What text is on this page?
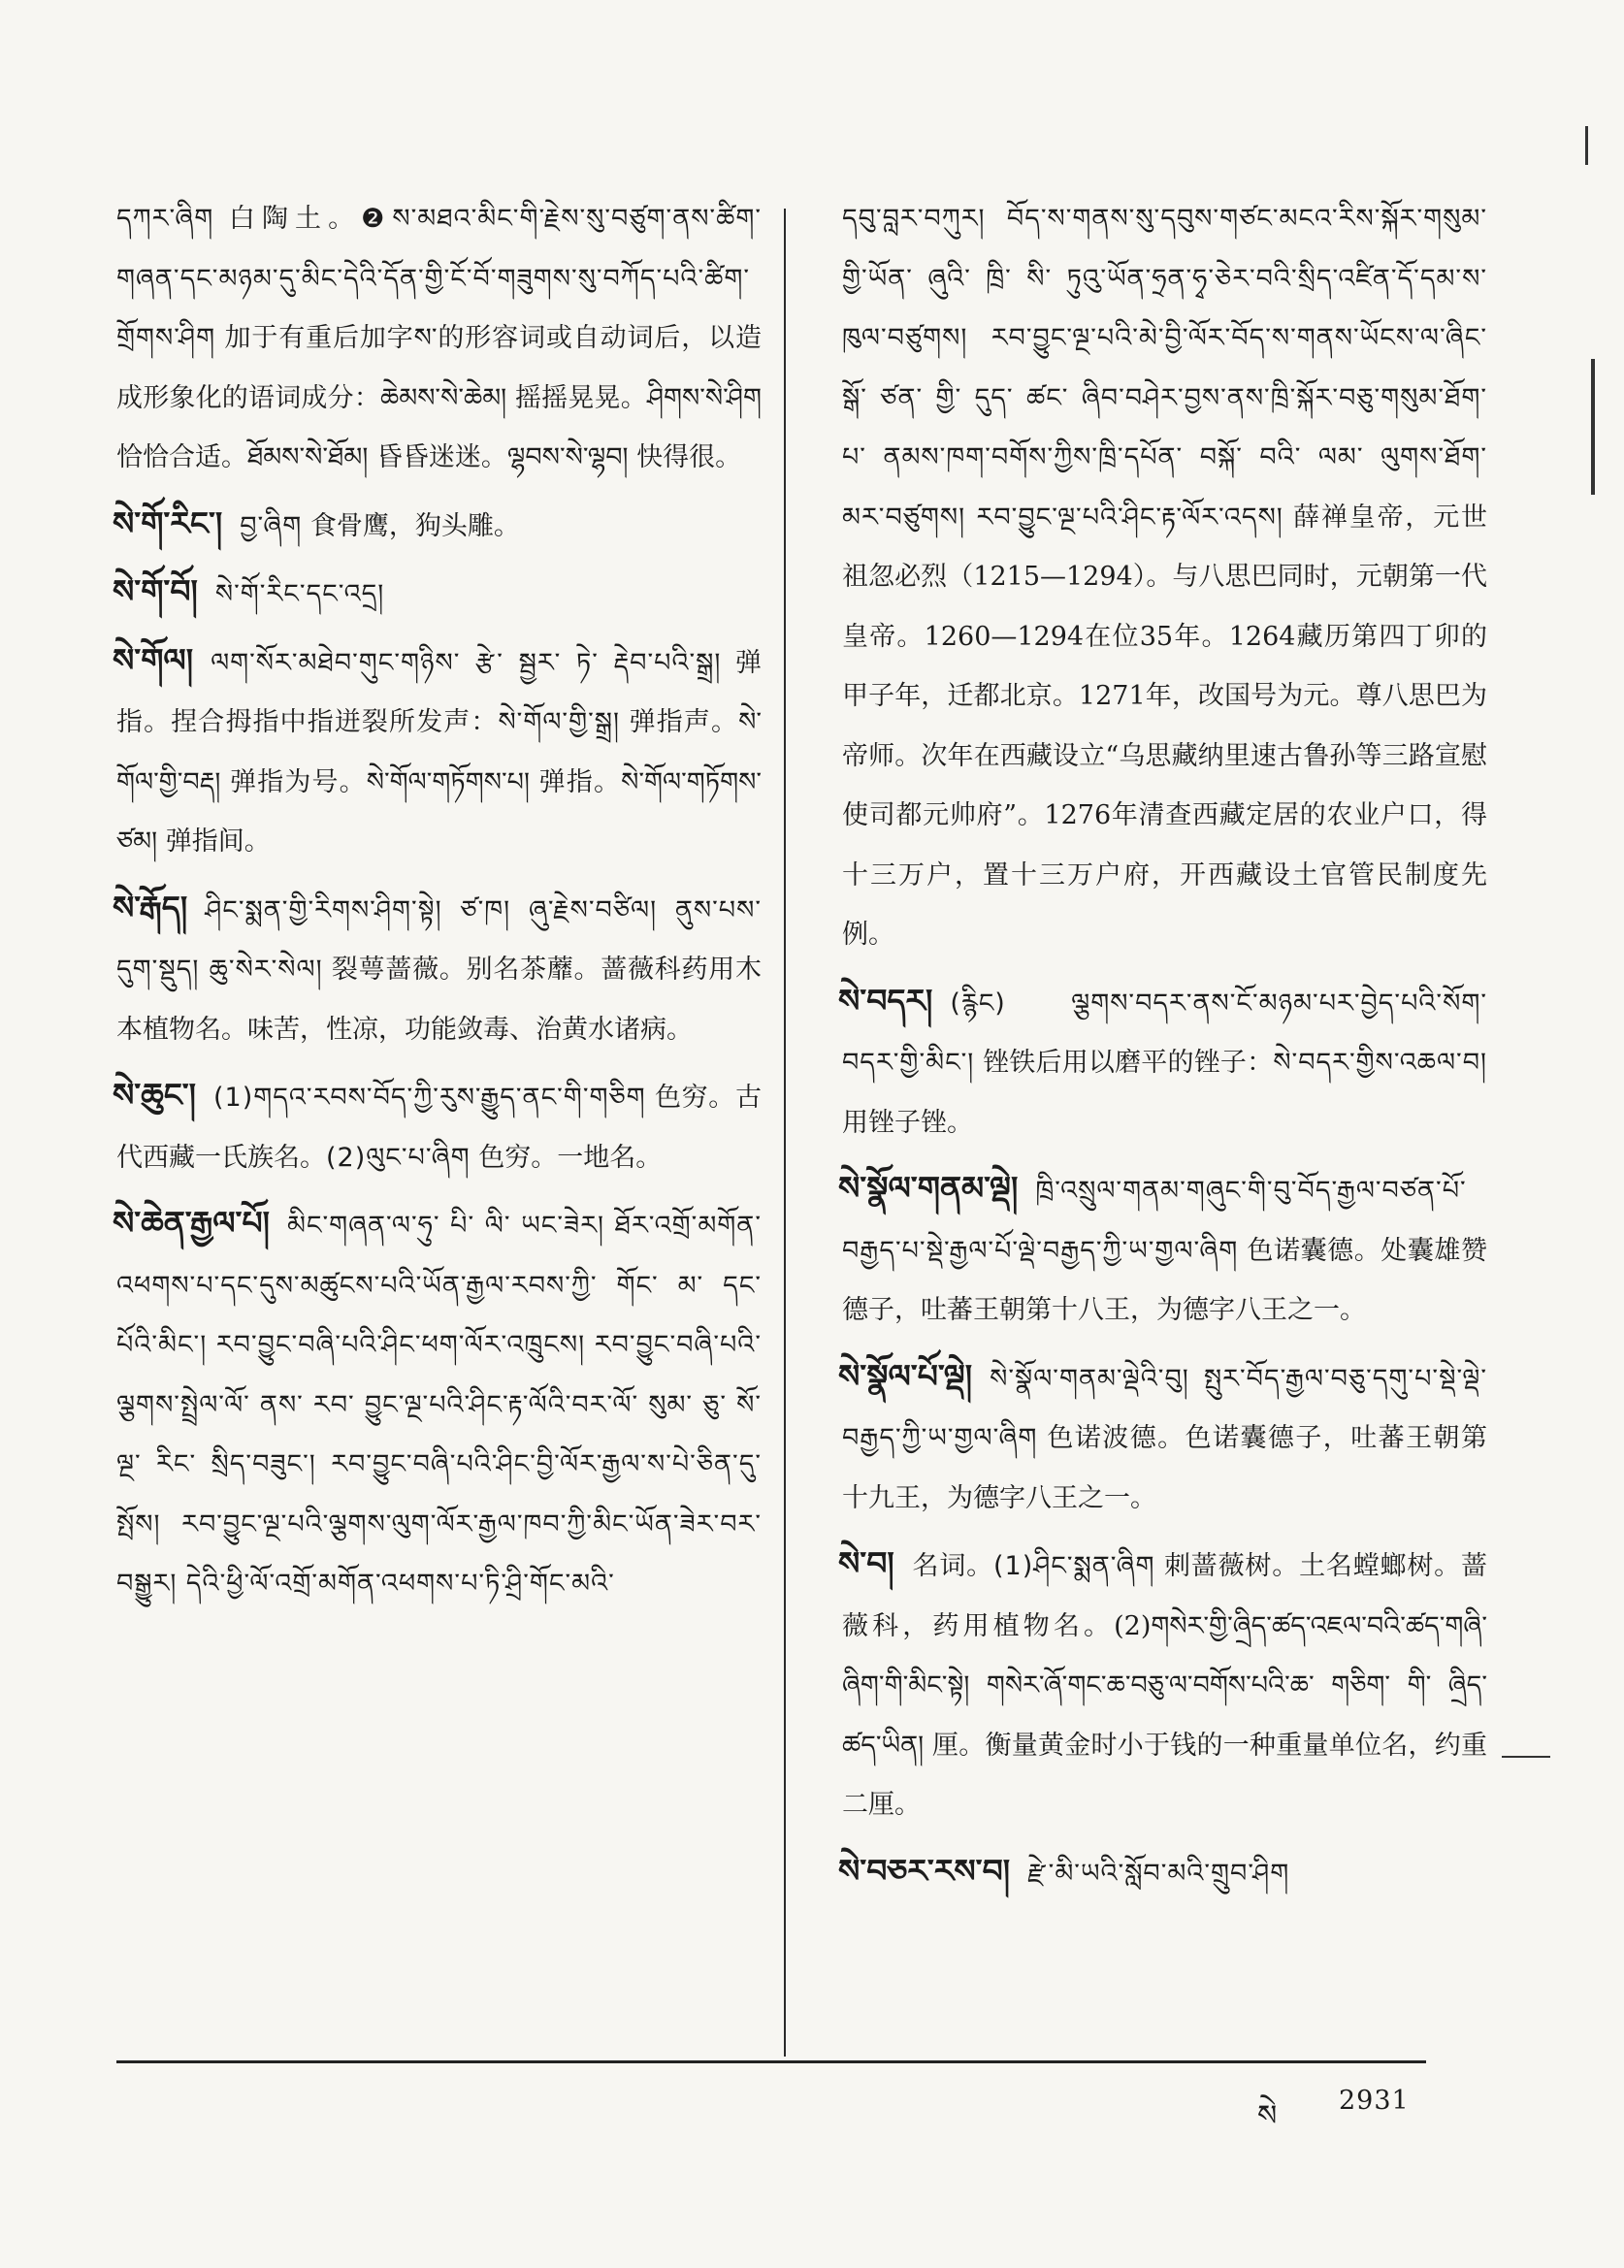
དཀར་ཞིག 白陶土。❷ས་མཐའ་མིང་གི་རྗེས་སུ་བཙུག་ནས་ཚིག་གཞན་དང་མཉམ་དུ་མིང་དེའི་དོན་གྱི་ངོ་བོ་གཟུགས་སུ་བཀོད་པའི་ཚིག་གྲོགས་ཤིག 加于有重后加字ས་的形容词或自动词后，以造成形象化的语词成分：ཆེམས་སེ་ཆེམ། 摇摇晃晃。ཤིགས་སེ་ཤིག 恰恰合适。ཐོམས་སེ་ཐོམ། 昏昏迷迷。ལྷབས་སེ་ལྷབ། 快得很。
སེ་གོ་རིང་། བྱ་ཞིག 食骨鹰，狗头雕。
སེ་གོ་བོ། སེ་གོ་རིང་དང་འདྲ།
སེ་གོལ། ལག་སོར་མཐེབ་གུང་གཉིས་ རྩེ་ སྦྱར་ ཏེ་ རྡེབ་པའི་སྒྲ། 弹指。捏合拇指中指迸裂所发声：སེ་གོལ་གྱི་སྒྲ། 弹指声。སེ་གོལ་གྱི་བརྡ། 弹指为号。སེ་གོལ་གཏོགས་པ། 弹指。སེ་གོལ་གཏོགས་ཙམ། 弹指间。
སེ་རྒོད། ཤིང་སྨན་གྱི་རིགས་ཤིག་སྟེ། ཙ་ཁ། ཞུ་རྗེས་བཙིལ། ནུས་པས་དུག་སྡུད། ཆུ་སེར་སེལ། 裂萼蔷薇。别名茶蘼。蔷薇科药用木本植物名。味苦，性凉，功能敛毒、治黄水诸病。
སེ་ཆུང་། (1)གདའ་རབས་བོད་ཀྱི་རུས་རྒྱུད་ནང་གི་གཅིག 色穷。古代西藏一氏族名。(2)ལུང་པ་ཞིག 色穷。一地名。
སེ་ཆེན་རྒྱལ་པོ། མིང་གཞན་ལ་ཧུ་ པི་ ལི་ ཡང་ཟེར། ཐོར་འགྲོ་མགོན་འཕགས་པ་དང་དུས་མཚུངས་པའི་ཡོན་རྒྱལ་རབས་ཀྱི་ གོང་ མ་ དང་ པོའི་མིང་། རབ་བྱུང་བཞི་པའི་ཤིང་ཕག་ལོར་འཁྲུངས། རབ་བྱུང་བཞི་པའི་ལྕགས་སྤྲེལ་ལོ་ ནས་ རབ་ བྱུང་ལྔ་པའི་ཤིང་རྟ་ལོའི་བར་ལོ་ སུམ་ ཅུ་ སོ་ ལྔ་ རིང་ སྲིད་བཟུང་། རབ་བྱུང་བཞི་པའི་ཤིང་བྱི་ལོར་རྒྱལ་ས་པེ་ཅིན་དུ་སྤོས། རབ་བྱུང་ལྔ་པའི་ལྕགས་ལུག་ལོར་རྒྱལ་ཁབ་ཀྱི་མིང་ཡོན་ཟེར་བར་བསྒྱུར། དེའི་ཕྱི་ལོ་འགྲོ་མགོན་འཕགས་པ་ཏི་ཤྲི་གོང་མའི་
དབུ་བླར་བཀུར། བོད་ས་གནས་སུ་དབུས་གཙང་མངའ་རིས་སྐོར་གསུམ་གྱི་ཡོན་ ཞུའི་ ཁྲི་ སི་ ཏུའུ་ཡོན་ཧྲན་ཧྭ་ཅེར་བའི་སྲིད་འཛིན་དོ་དམ་ས་ཁུལ་བཙུགས། རབ་བྱུང་ལྔ་པའི་མེ་བྱི་ལོར་བོད་ས་གནས་ཡོངས་ལ་ཞིང་ སྒོ་ ཙན་ གྱི་ དུད་ ཚང་ ཞིབ་བཤེར་བྱས་ནས་ཁྲི་སྐོར་བཅུ་གསུམ་ཐོག་པ་ ནམས་ཁག་བགོས་ཀྱིས་ཁྲི་དཔོན་ བསྐོ་ བའི་ ལམ་ ལུགས་ཐོག་མར་བཙུགས། རབ་བྱུང་ལྔ་པའི་ཤིང་རྟ་ལོར་འདས། 薛禅皇帝，元世祖忽必烈（1215—1294）。与八思巴同时，元朝第一代皇帝。1260—1294在位35年。1264藏历第四丁卯的甲子年，迁都北京。1271年，改国号为元。尊八思巴为帝师。次年在西藏设立“乌思藏纳里速古鲁孙等三路宣慰使司都元帅府”。1276年清查西藏定居的农业户口，得十三万户，置十三万户府，开西藏设土官管民制度先例。
སེ་བདར། (རྙིང) ལྕགས་བདར་ནས་ངོ་མཉམ་པར་བྱེད་པའི་སོག་བདར་གྱི་མིང་། 锉铁后用以磨平的锉子：སེ་བདར་གྱིས་འཆལ་བ། 用锉子锉。
སེ་སྣོལ་གནམ་ལྡེ། ཁྲི་འསྲུལ་གནམ་གཞུང་གི་བུ་བོད་རྒྱལ་བཙན་པོ་བརྒྱད་པ་སྡེ་རྒྱལ་པོ་ལྡེ་བརྒྱད་ཀྱི་ཡ་གྱལ་ཞིག 色诺囊德。处囊雄赞德子，吐蕃王朝第十八王，为德字八王之一。
སེ་སྣོལ་པོ་ལྡེ། སེ་སྣོལ་གནམ་ལྡེའི་བུ། སྤུར་བོད་རྒྱལ་བཅུ་དགུ་པ་སྡེ་ལྡེ་བརྒྱད་ཀྱི་ཡ་གྱལ་ཞིག 色诺波德。色诺囊德子，吐蕃王朝第十九王，为德字八王之一。
སེ་བ། 名词。(1)ཤིང་སྨན་ཞིག 刺蔷薇树。土名螳螂树。蔷薇科，药用植物名。(2)གསེར་གྱི་ཞྲིད་ཚད་འཇལ་བའི་ཚད་གཞི་ཞིག་གི་མིང་སྟེ། གསེར་ཞོ་གང་ཆ་བཅུ་ལ་བགོས་པའི་ཆ་ གཅིག་ གི་ ཞྲིད་ཚད་ཡིན། 厘。衡量黄金时小于钱的一种重量单位名，约重二厘。
སེ་བཅར་རས་བ། རྫེ་མི་ཡའི་སློབ་མའི་གྲུབ་ཤིག
སེ 2931
